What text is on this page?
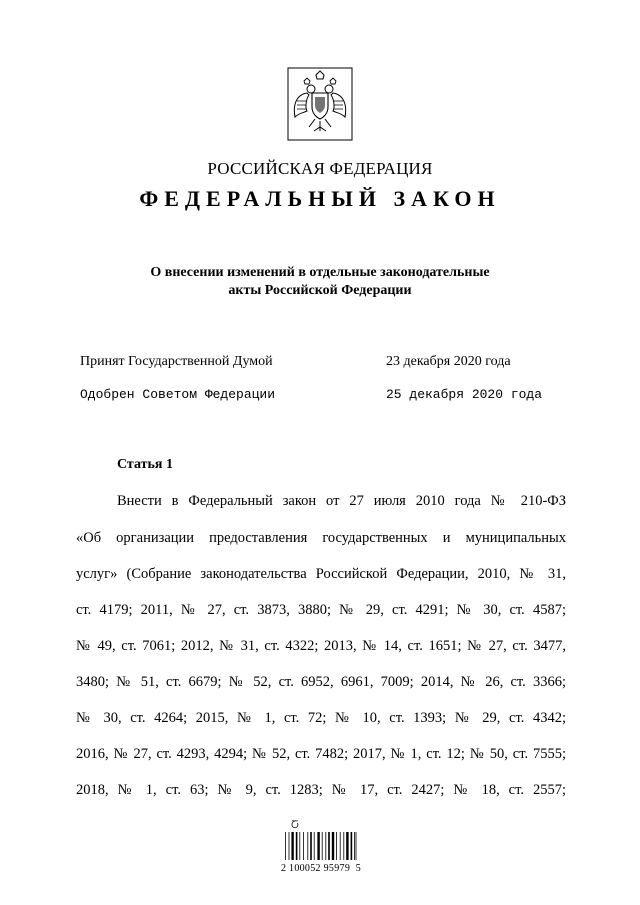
РОССИЙСКАЯ ФЕДЕРАЦИЯ
ФЕДЕРАЛЬНЫЙ ЗАКОН
О внесении изменений в отдельные законодательные
акты Российской Федерации
Принят Государственной Думой	23 декабря 2020 года
Одобрен Советом Федерации	25 декабря 2020 года
Статья 1
Внести в Федеральный закон от 27 июля 2010 года № 210-ФЗ
«Об организации предоставления государственных и муниципальных
услуг» (Собрание законодательства Российской Федерации, 2010, № 31,
ст. 4179; 2011, № 27, ст. 3873, 3880; № 29, ст. 4291; № 30, ст. 4587;
№ 49, ст. 7061; 2012, № 31, ст. 4322; 2013, № 14, ст. 1651; № 27, ст. 3477,
3480; № 51, ст. 6679; № 52, ст. 6952, 6961, 7009; 2014, № 26, ст. 3366;
№ 30, ст. 4264; 2015, № 1, ст. 72; № 10, ст. 1393; № 29, ст. 4342;
2016, № 27, ст. 4293, 4294; № 52, ст. 7482; 2017, № 1, ст. 12; № 50, ст. 7555;
2018, № 1, ст. 63; № 9, ст. 1283; № 17, ст. 2427; № 18, ст. 2557;
Ⴀ
2 100052 95979  5
